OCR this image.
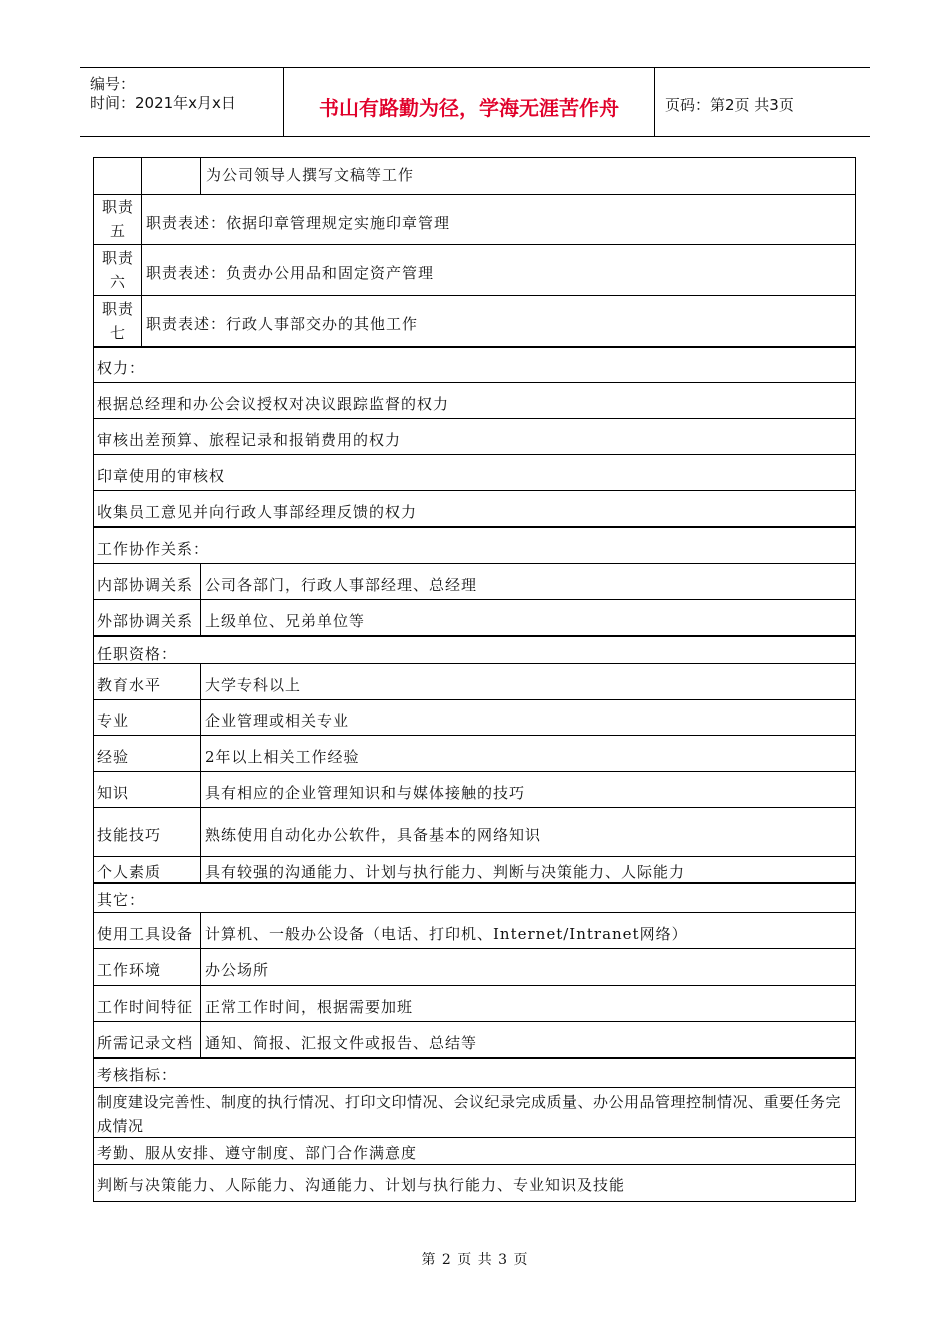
编号：
时间：2021年x月x日	书山有路勤为径，学海无涯苦作舟	页码：第2页 共3页
为公司领导人撰写文稿等工作
职责五	职责表述：依据印章管理规定实施印章管理
职责六	职责表述：负责办公用品和固定资产管理
职责七	职责表述：行政人事部交办的其他工作
权力：
根据总经理和办公会议授权对决议跟踪监督的权力
审核出差预算、旅程记录和报销费用的权力
印章使用的审核权
收集员工意见并向行政人事部经理反馈的权力
工作协作关系：
内部协调关系 公司各部门，行政人事部经理、总经理
外部协调关系 上级单位、兄弟单位等
任职资格：
教育水平	大学专科以上
专业	企业管理或相关专业
经验	2年以上相关工作经验
知识	具有相应的企业管理知识和与媒体接触的技巧
技能技巧	熟练使用自动化办公软件，具备基本的网络知识
个人素质	具有较强的沟通能力、计划与执行能力、判断与决策能力、人际能力
其它：
使用工具设备 计算机、一般办公设备（电话、打印机、Internet/Intranet网络）
工作环境	办公场所
工作时间特征 正常工作时间，根据需要加班
所需记录文档 通知、简报、汇报文件或报告、总结等
考核指标：
制度建设完善性、制度的执行情况、打印文印情况、会议纪录完成质量、办公用品管理控制情况、重要任务完成情况
考勤、服从安排、遵守制度、部门合作满意度
判断与决策能力、人际能力、沟通能力、计划与执行能力、专业知识及技能
第 2 页 共 3 页
